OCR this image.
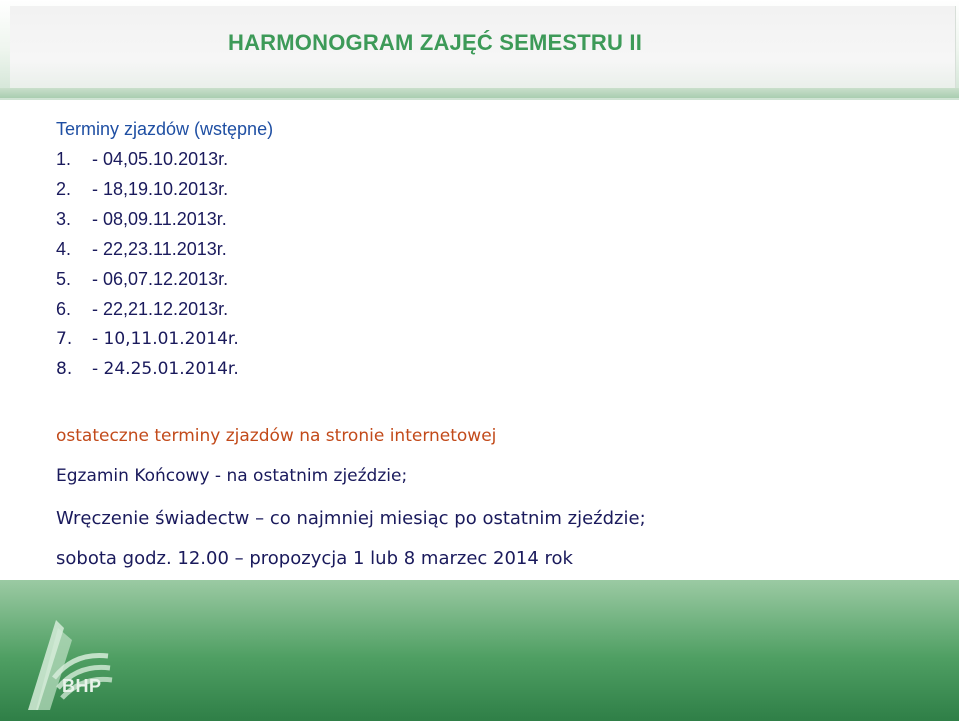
HARMONOGRAM ZAJĘĆ SEMESTRU II
Terminy zjazdów (wstępne)
1. - 04,05.10.2013r.
2. - 18,19.10.2013r.
3. - 08,09.11.2013r.
4. - 22,23.11.2013r.
5. - 06,07.12.2013r.
6. - 22,21.12.2013r.
7. - 10,11.01.2014r.
8. - 24.25.01.2014r.
ostateczne terminy zjazdów na stronie internetowej
Egzamin Końcowy - na ostatnim zjeździe;
Wręczenie świadectw – co najmniej miesiąc po ostatnim zjeździe;
sobota godz. 12.00 – propozycja 1 lub 8 marzec 2014 rok
BHP
